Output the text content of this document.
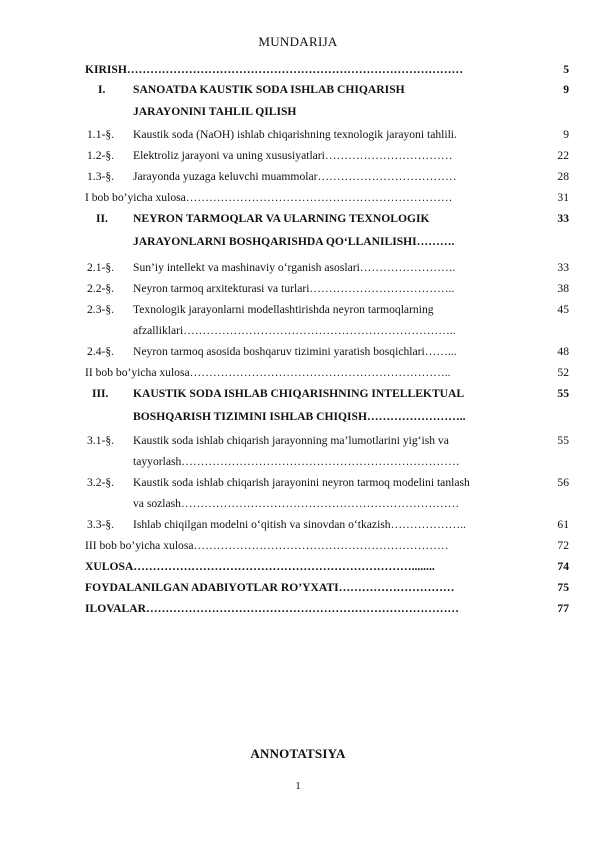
MUNDARIJA
KIRISH……………………………………………………………………………	5
I. SANOATDA KAUSTIK SODA ISHLAB CHIQARISH	9
JARAYONINI TAHLIL QILISH
1.1-§. Kaustik soda (NaOH) ishlab chiqarishning texnologik jarayoni tahlili.	9
1.2-§. Elektroliz jarayoni va uning xususiyatlari……………………………	22
1.3-§. Jarayonda yuzaga keluvchi muammolar………………………………	28
I bob bo’yicha xulosa……………………………………………………………	31
II. NEYRON TARMOQLAR VA ULARNING TEXNOLOGIK	33
JARAYONLARNI BOSHQARISHDA QO‘LLANILISHI……….
2.1-§. Sun’iy intellekt va mashinaviy o‘rganish asoslari…………………….	33
2.2-§. Neyron tarmoq arxitekturasi va turlari………………………………..	38
2.3-§. Texnologik jarayonlarni modellashtirishda neyron tarmoqlarning	45
afzalliklari……………………………………………………………..
2.4-§. Neyron tarmoq asosida boshqaruv tizimini yaratish bosqichlari……...	48
II bob bo’yicha xulosa…………………………………………………………..	52
III. KAUSTIK SODA ISHLAB CHIQARISHNING INTELLEKTUAL	55
BOSHQARISH TIZIMINI ISHLAB CHIQISH……………………..
3.1-§. Kaustik soda ishlab chiqarish jarayonning ma’lumotlarini yig‘ish va	55
tayyorlash………………………………………………………………
3.2-§. Kaustik soda ishlab chiqarish jarayonini neyron tarmoq modelini tanlash	56
va sozlash………………………………………………………………
3.3-§. Ishlab chiqilgan modelni o‘qitish va sinovdan o‘tkazish………………..	61
III bob bo’yicha xulosa…………………………………………………………	72
XULOSA………………………………………………………………........	74
FOYDALANILGAN ADABIYOTLAR RO’YXATI…………………………	75
ILOVALAR………………………………………………………………………	77
ANNOTATSIYA
1
